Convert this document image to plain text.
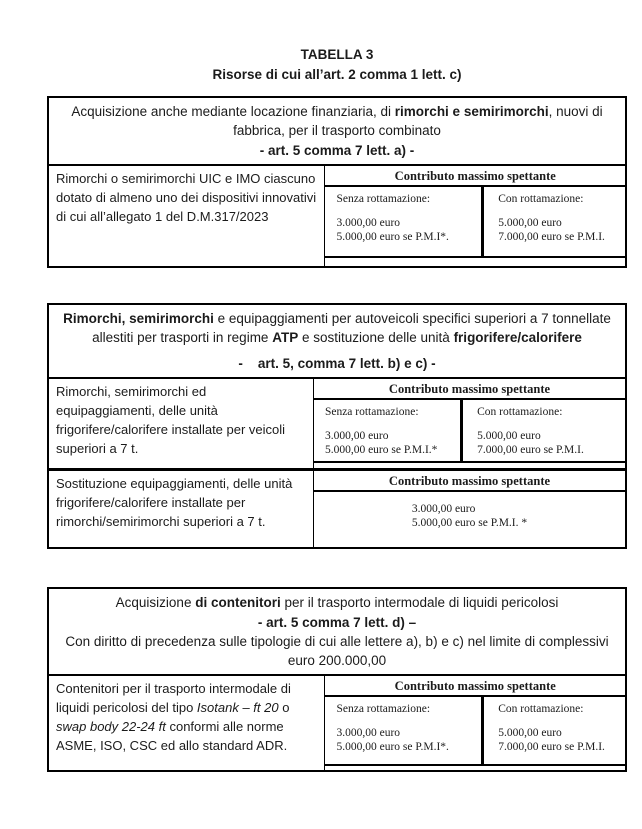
TABELLA 3
Risorse di cui all’art. 2 comma 1 lett. c)
Acquisizione anche mediante locazione finanziaria, di rimorchi e semirimorchi, nuovi di fabbrica, per il trasporto combinato
- art. 5 comma 7 lett. a) -
Rimorchi o semirimorchi UIC e IMO ciascuno dotato di almeno uno dei dispositivi innovativi di cui all’allegato 1 del D.M.317/2023
Contributo massimo spettante
Senza rottamazione:
3.000,00 euro
5.000,00 euro se P.M.I*.
Con rottamazione:
5.000,00 euro
7.000,00 euro se P.M.I.
Rimorchi, semirimorchi e equipaggiamenti per autoveicoli specifici superiori a 7 tonnellate allestiti per trasporti in regime ATP e sostituzione delle unità frigorifere/calorifere
-    art. 5, comma 7 lett. b) e c) -
Rimorchi, semirimorchi ed equipaggiamenti, delle unità frigorifere/calorifere installate per veicoli superiori a 7 t.
Contributo massimo spettante
Senza rottamazione:
3.000,00 euro
5.000,00 euro se P.M.I.*
Con rottamazione:
5.000,00 euro
7.000,00 euro se P.M.I.
Sostituzione equipaggiamenti, delle unità frigorifere/calorifere installate per rimorchi/semirimorchi superiori a 7 t.
Contributo massimo spettante
3.000,00 euro
5.000,00 euro se P.M.I. *
Acquisizione di contenitori per il trasporto intermodale di liquidi pericolosi
- art. 5 comma 7 lett. d) –
Con diritto di precedenza sulle tipologie di cui alle lettere a), b) e c) nel limite di complessivi euro 200.000,00
Contenitori per il trasporto intermodale di liquidi pericolosi del tipo Isotank – ft 20 o swap body 22-24 ft conformi alle norme ASME, ISO, CSC ed allo standard ADR.
Contributo massimo spettante
Senza rottamazione:
3.000,00 euro
5.000,00 euro se P.M.I*.
Con rottamazione:
5.000,00 euro
7.000,00 euro se P.M.I.
